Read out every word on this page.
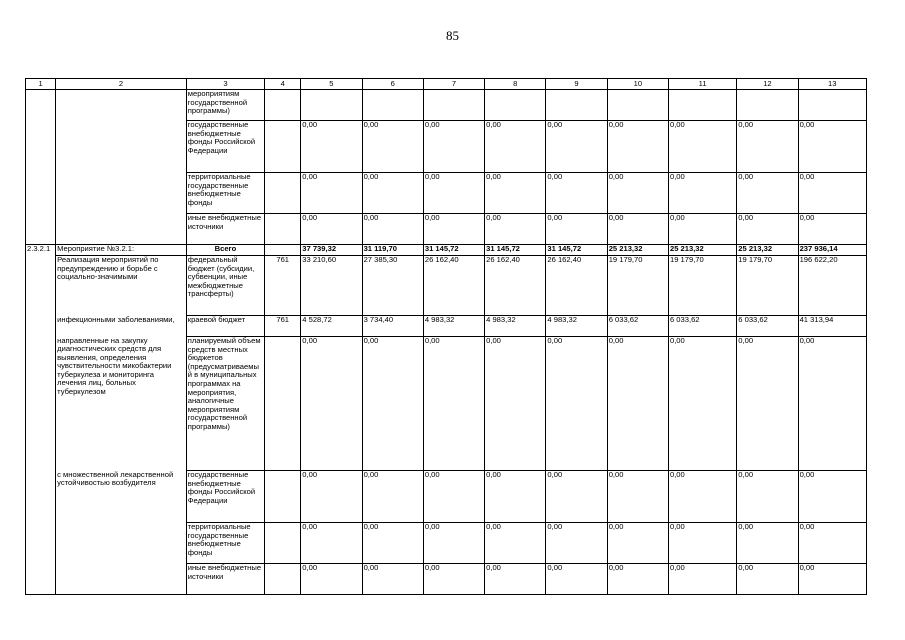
85
1	2	3	4	5	6	7	8	9	10	11	12	13
		мероприятиям государственной программы)										
		государственные внебюджетные фонды Российской Федерации		0,00	0,00	0,00	0,00	0,00	0,00	0,00	0,00	0,00
		территориальные государственные внебюджетные фонды		0,00	0,00	0,00	0,00	0,00	0,00	0,00	0,00	0,00
		иные внебюджетные источники		0,00	0,00	0,00	0,00	0,00	0,00	0,00	0,00	0,00
2.3.2.1	Мероприятие №3.2.1:	Всего		37 739,32	31 119,70	31 145,72	31 145,72	31 145,72	25 213,32	25 213,32	25 213,32	237 936,14
	Реализация мероприятий по предупреждению и борьбе с социально-значимыми	федеральный бюджет (субсидии, субвенции, иные межбюджетные трансферты)	761	33 210,60	27 385,30	26 162,40	26 162,40	26 162,40	19 179,70	19 179,70	19 179,70	196 622,20
	инфекционными заболеваниями,	краевой бюджет	761	4 528,72	3 734,40	4 983,32	4 983,32	4 983,32	6 033,62	6 033,62	6 033,62	41 313,94
	направленные на закупку диагностических средств для выявления, определения чувствительности микобактерии туберкулеза и мониторинга лечения лиц, больных туберкулезом	планируемый объем средств местных бюджетов (предусматриваемый в муниципальных программах на мероприятия, аналогичные мероприятиям государственной программы)		0,00	0,00	0,00	0,00	0,00	0,00	0,00	0,00	0,00
	с множественной лекарственной устойчивостью возбудителя	государственные внебюджетные фонды Российской Федерации		0,00	0,00	0,00	0,00	0,00	0,00	0,00	0,00	0,00
		территориальные государственные внебюджетные фонды		0,00	0,00	0,00	0,00	0,00	0,00	0,00	0,00	0,00
		иные внебюджетные источники		0,00	0,00	0,00	0,00	0,00	0,00	0,00	0,00	0,00
